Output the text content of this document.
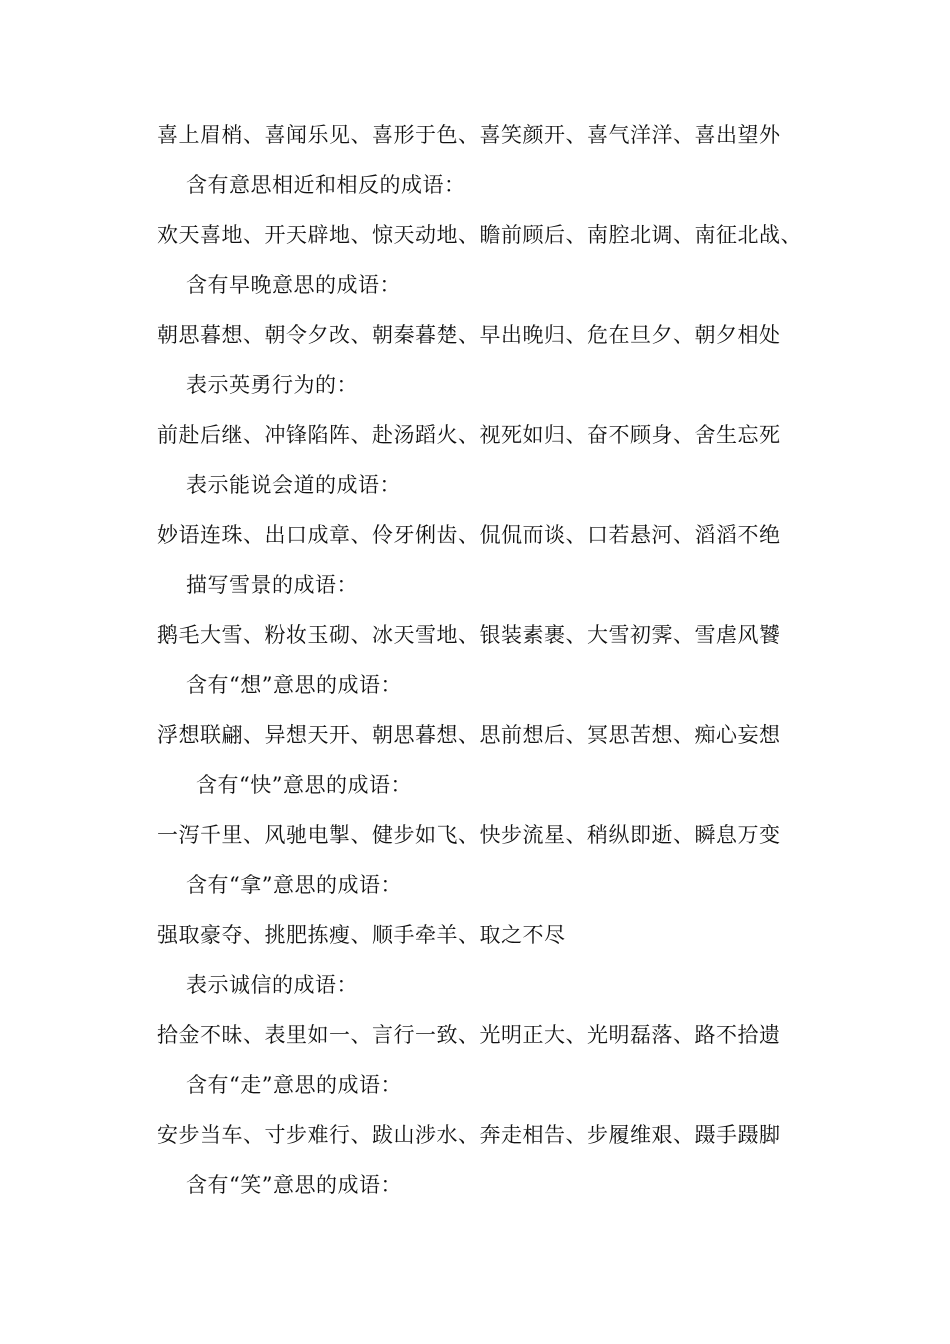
喜上眉梢、喜闻乐见、喜形于色、喜笑颜开、喜气洋洋、喜出望外
含有意思相近和相反的成语：
欢天喜地、开天辟地、惊天动地、瞻前顾后、南腔北调、南征北战、
含有早晚意思的成语：
朝思暮想、朝令夕改、朝秦暮楚、早出晚归、危在旦夕、朝夕相处
表示英勇行为的：
前赴后继、冲锋陷阵、赴汤蹈火、视死如归、奋不顾身、舍生忘死
表示能说会道的成语：
妙语连珠、出口成章、伶牙俐齿、侃侃而谈、口若悬河、滔滔不绝
描写雪景的成语：
鹅毛大雪、粉妆玉砌、冰天雪地、银装素裹、大雪初霁、雪虐风饕
含有“想”意思的成语：
浮想联翩、异想天开、朝思暮想、思前想后、冥思苦想、痴心妄想
含有“快”意思的成语：
一泻千里、风驰电掣、健步如飞、快步流星、稍纵即逝、瞬息万变
含有“拿”意思的成语：
强取豪夺、挑肥拣瘦、顺手牵羊、取之不尽
表示诚信的成语：
拾金不昧、表里如一、言行一致、光明正大、光明磊落、路不拾遗
含有“走”意思的成语：
安步当车、寸步难行、跋山涉水、奔走相告、步履维艰、蹑手蹑脚
含有“笑”意思的成语：
